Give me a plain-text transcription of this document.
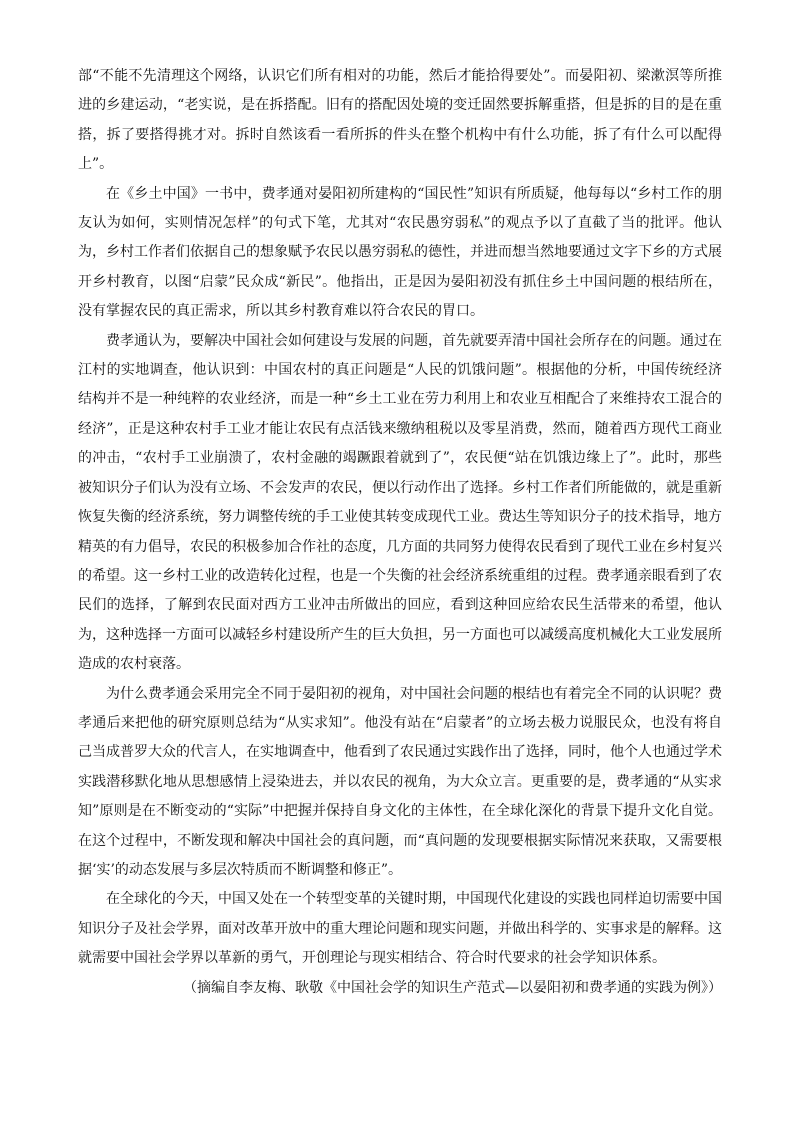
部“不能不先清理这个网络，认识它们所有相对的功能，然后才能拾得要处”。而晏阳初、梁漱溟等所推进的乡建运动，“老实说，是在拆搭配。旧有的搭配因处境的变迁固然要拆解重搭，但是拆的目的是在重搭，拆了要搭得挑才对。拆时自然该看一看所拆的件头在整个机构中有什么功能，拆了有什么可以配得上”。

在《乡土中国》一书中，费孝通对晏阳初所建构的“国民性”知识有所质疑，他每每以“乡村工作的朋友认为如何，实则情况怎样”的句式下笔，尤其对“农民愚穷弱私”的观点予以了直截了当的批评。他认为，乡村工作者们依据自己的想象赋予农民以愚穷弱私的德性，并进而想当然地要通过文字下乡的方式展开乡村教育，以图“启蒙”民众成“新民”。他指出，正是因为晏阳初没有抓住乡土中国问题的根结所在，没有掌握农民的真正需求，所以其乡村教育难以符合农民的胃口。

费孝通认为，要解决中国社会如何建设与发展的问题，首先就要弄清中国社会所存在的问题。通过在江村的实地调查，他认识到：中国农村的真正问题是“人民的饥饿问题”。根据他的分析，中国传统经济结构并不是一种纯粹的农业经济，而是一种“乡土工业在劳力利用上和农业互相配合了来维持农工混合的经济”，正是这种农村手工业才能让农民有点活钱来缴纳租税以及零星消费，然而，随着西方现代工商业的冲击，“农村手工业崩溃了，农村金融的竭蹶跟着就到了”，农民便“站在饥饿边缘上了”。此时，那些被知识分子们认为没有立场、不会发声的农民，便以行动作出了选择。乡村工作者们所能做的，就是重新恢复失衡的经济系统，努力调整传统的手工业使其转变成现代工业。费达生等知识分子的技术指导，地方精英的有力倡导，农民的积极参加合作社的态度，几方面的共同努力使得农民看到了现代工业在乡村复兴的希望。这一乡村工业的改造转化过程，也是一个失衡的社会经济系统重组的过程。费孝通亲眼看到了农民们的选择，了解到农民面对西方工业冲击所做出的回应，看到这种回应给农民生活带来的希望，他认为，这种选择一方面可以减轻乡村建设所产生的巨大负担，另一方面也可以减缓高度机械化大工业发展所造成的农村衰落。

为什么费孝通会采用完全不同于晏阳初的视角，对中国社会问题的根结也有着完全不同的认识呢？费孝通后来把他的研究原则总结为“从实求知”。他没有站在“启蒙者”的立场去极力说服民众，也没有将自己当成普罗大众的代言人，在实地调查中，他看到了农民通过实践作出了选择，同时，他个人也通过学术实践潜移默化地从思想感情上浸染进去，并以农民的视角，为大众立言。更重要的是，费孝通的“从实求知”原则是在不断变动的“实际”中把握并保持自身文化的主体性，在全球化深化的背景下提升文化自觉。在这个过程中，不断发现和解决中国社会的真问题，而“真问题的发现要根据实际情况来获取，又需要根据‘实’的动态发展与多层次特质而不断调整和修正”。

在全球化的今天，中国又处在一个转型变革的关键时期，中国现代化建设的实践也同样迫切需要中国知识分子及社会学界，面对改革开放中的重大理论问题和现实问题，并做出科学的、实事求是的解释。这就需要中国社会学界以革新的勇气，开创理论与现实相结合、符合时代要求的社会学知识体系。

（摘编自李友梅、耿敬《中国社会学的知识生产范式—以晏阳初和费孝通的实践为例》）
